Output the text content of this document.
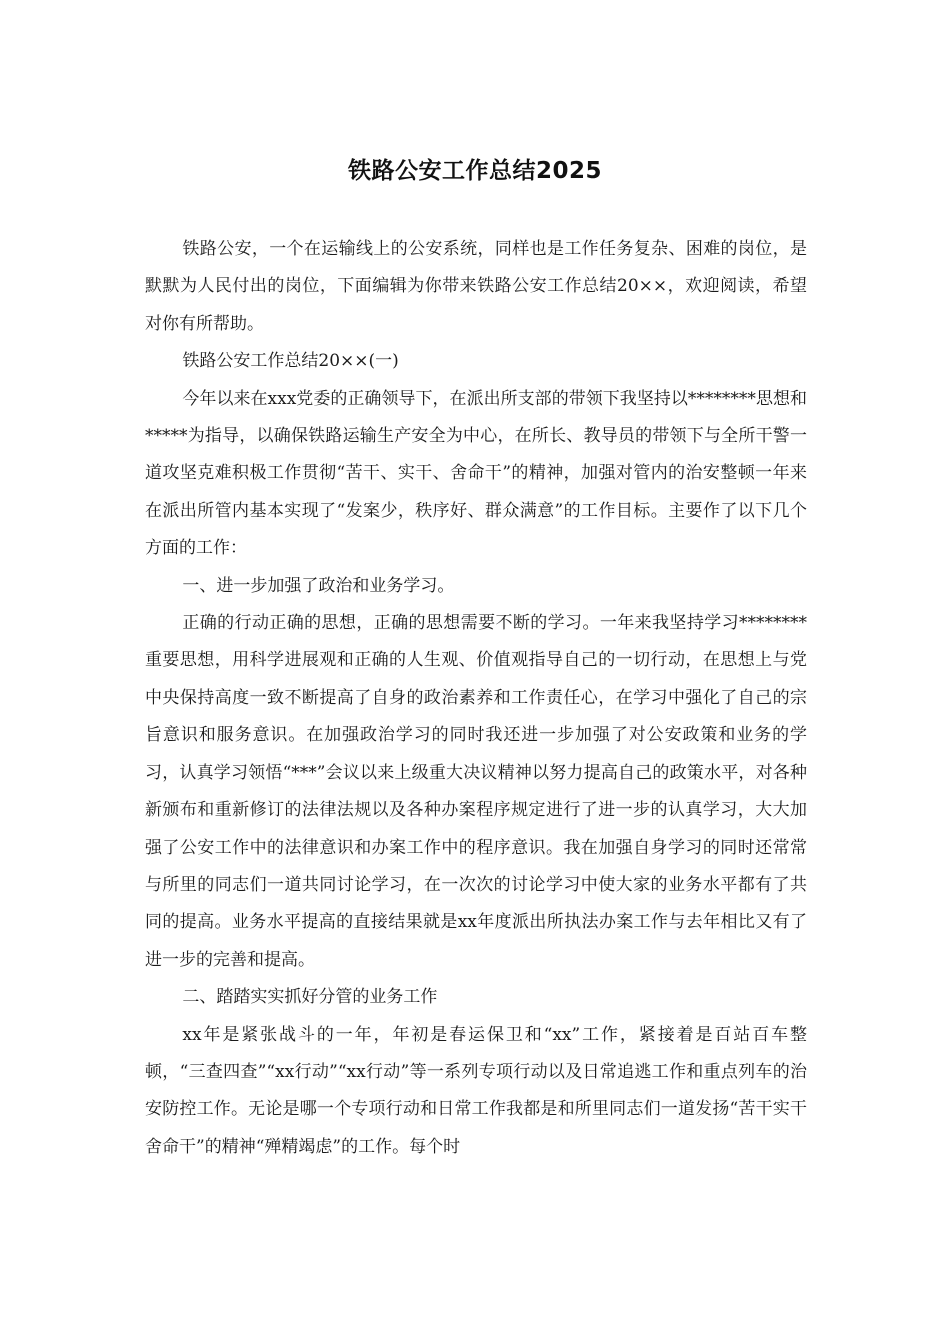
铁路公安工作总结2025

铁路公安，一个在运输线上的公安系统，同样也是工作任务复杂、困难的岗位，是默默为人民付出的岗位，下面编辑为你带来铁路公安工作总结20××，欢迎阅读，希望对你有所帮助。

铁路公安工作总结20××(一)

今年以来在xxx党委的正确领导下，在派出所支部的带领下我坚持以********思想和*****为指导，以确保铁路运输生产安全为中心，在所长、教导员的带领下与全所干警一道攻坚克难积极工作贯彻“苦干、实干、舍命干”的精神，加强对管内的治安整顿一年来在派出所管内基本实现了“发案少，秩序好、群众满意”的工作目标。主要作了以下几个方面的工作：

一、进一步加强了政治和业务学习。

正确的行动正确的思想，正确的思想需要不断的学习。一年来我坚持学习********重要思想，用科学进展观和正确的人生观、价值观指导自己的一切行动，在思想上与党中央保持高度一致不断提高了自身的政治素养和工作责任心，在学习中强化了自己的宗旨意识和服务意识。在加强政治学习的同时我还进一步加强了对公安政策和业务的学习，认真学习领悟“***”会议以来上级重大决议精神以努力提高自己的政策水平，对各种新颁布和重新修订的法律法规以及各种办案程序规定进行了进一步的认真学习，大大加强了公安工作中的法律意识和办案工作中的程序意识。我在加强自身学习的同时还常常与所里的同志们一道共同讨论学习，在一次次的讨论学习中使大家的业务水平都有了共同的提高。业务水平提高的直接结果就是xx年度派出所执法办案工作与去年相比又有了进一步的完善和提高。

二、踏踏实实抓好分管的业务工作

xx年是紧张战斗的一年，年初是春运保卫和“xx”工作，紧接着是百站百车整顿，“三查四查”“xx行动”“xx行动”等一系列专项行动以及日常追逃工作和重点列车的治安防控工作。无论是哪一个专项行动和日常工作我都是和所里同志们一道发扬“苦干实干舍命干”的精神“殚精竭虑”的工作。每个时
